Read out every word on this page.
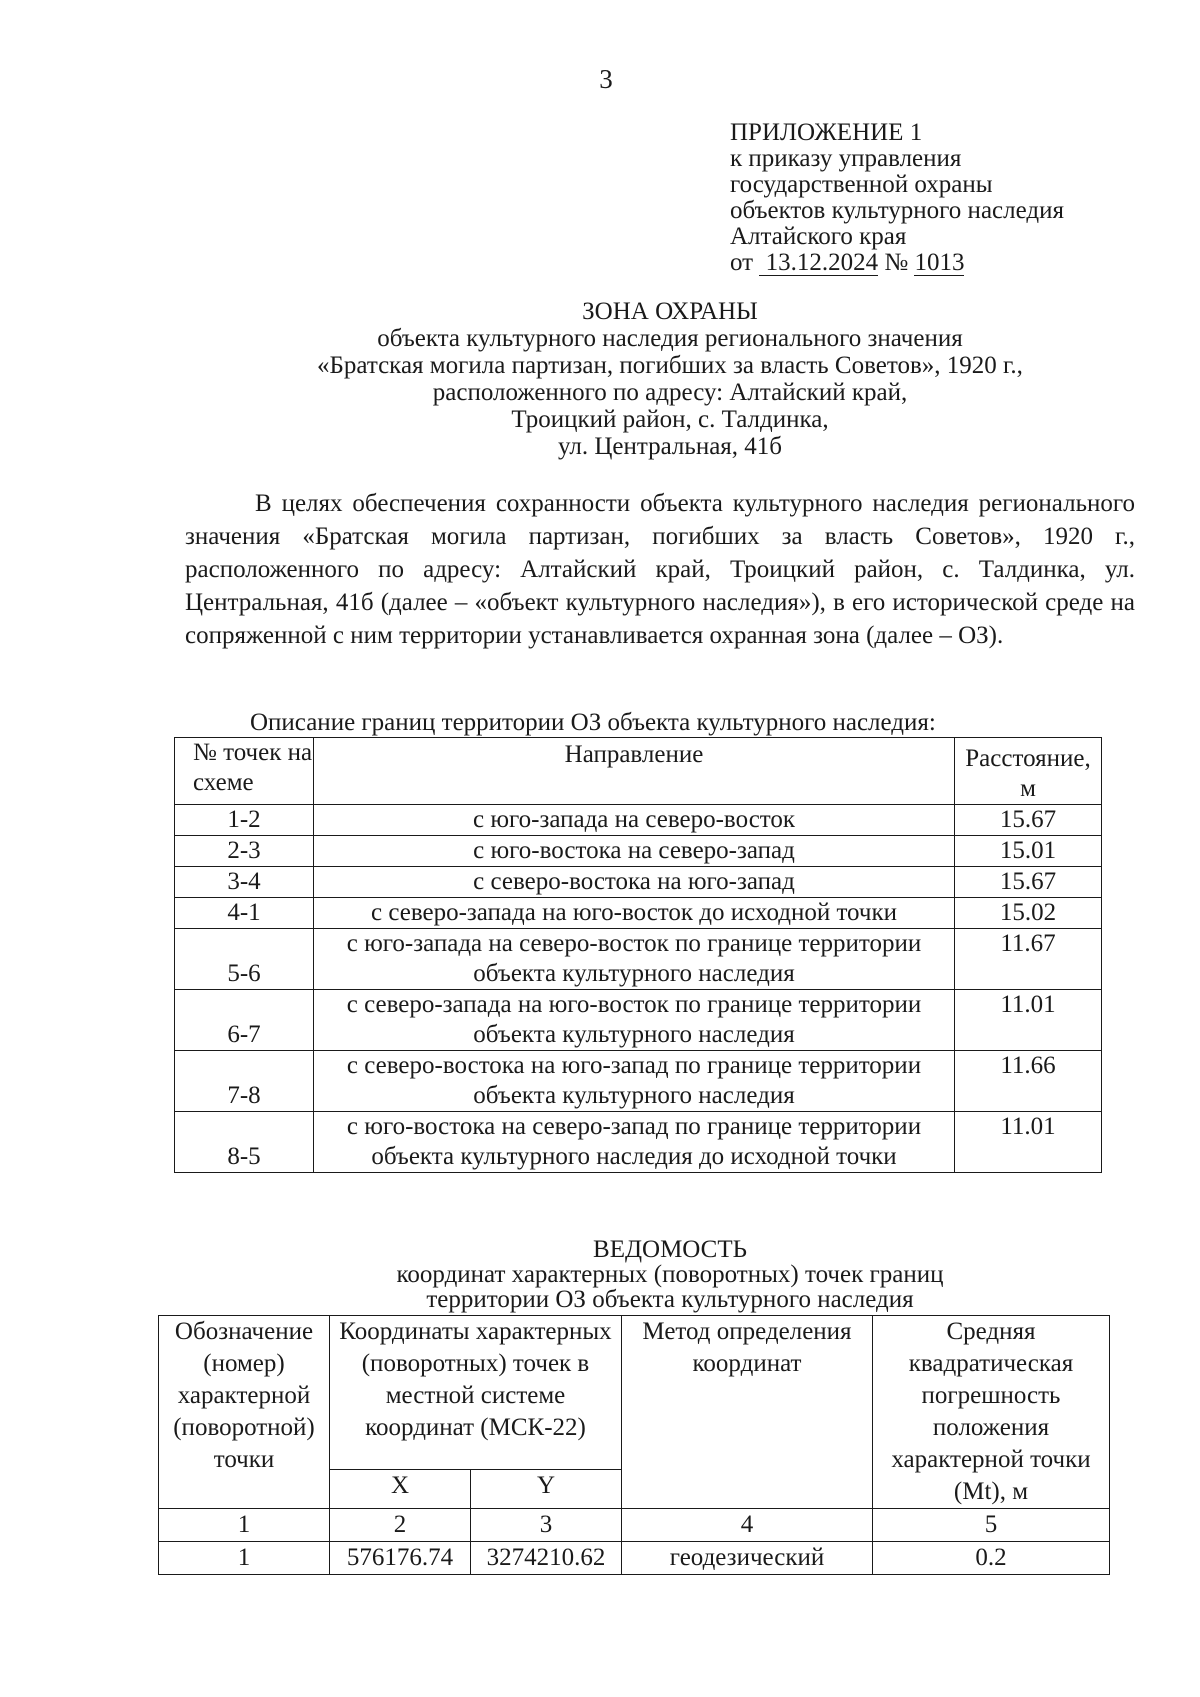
3
ПРИЛОЖЕНИЕ 1
к приказу управления
государственной охраны
объектов культурного наследия
Алтайского края
от 13.12.2024 № 1013
ЗОНА ОХРАНЫ
объекта культурного наследия регионального значения
«Братская могила партизан, погибших за власть Советов», 1920 г.,
расположенного по адресу: Алтайский край,
Троицкий район, с. Талдинка,
ул. Центральная, 41б
В целях обеспечения сохранности объекта культурного наследия регионального значения «Братская могила партизан, погибших за власть Советов», 1920 г., расположенного по адресу: Алтайский край, Троицкий район, с. Талдинка, ул. Центральная, 41б (далее – «объект культурного наследия»), в его исторической среде на сопряженной с ним территории устанавливается охранная зона (далее – ОЗ).
Описание границ территории ОЗ объекта культурного наследия:
№ точек на схеме	Направление	Расстояние, м
1-2	с юго-запада на северо-восток	15.67
2-3	с юго-востока на северо-запад	15.01
3-4	с северо-востока на юго-запад	15.67
4-1	с северо-запада на юго-восток до исходной точки	15.02
5-6	с юго-запада на северо-восток по границе территории объекта культурного наследия	11.67
6-7	с северо-запада на юго-восток по границе территории объекта культурного наследия	11.01
7-8	с северо-востока на юго-запад по границе территории объекта культурного наследия	11.66
8-5	с юго-востока на северо-запад по границе территории объекта культурного наследия до исходной точки	11.01
ВЕДОМОСТЬ
координат характерных (поворотных) точек границ
территории ОЗ объекта культурного наследия
Обозначение (номер) характерной (поворотной) точки	Координаты характерных (поворотных) точек в местной системе координат (МСК-22)		Метод определения координат	Средняя квадратическая погрешность положения характерной точки (Mt), м
	X	Y		
1	2	3	4	5
1	576176.74	3274210.62	геодезический	0.2
